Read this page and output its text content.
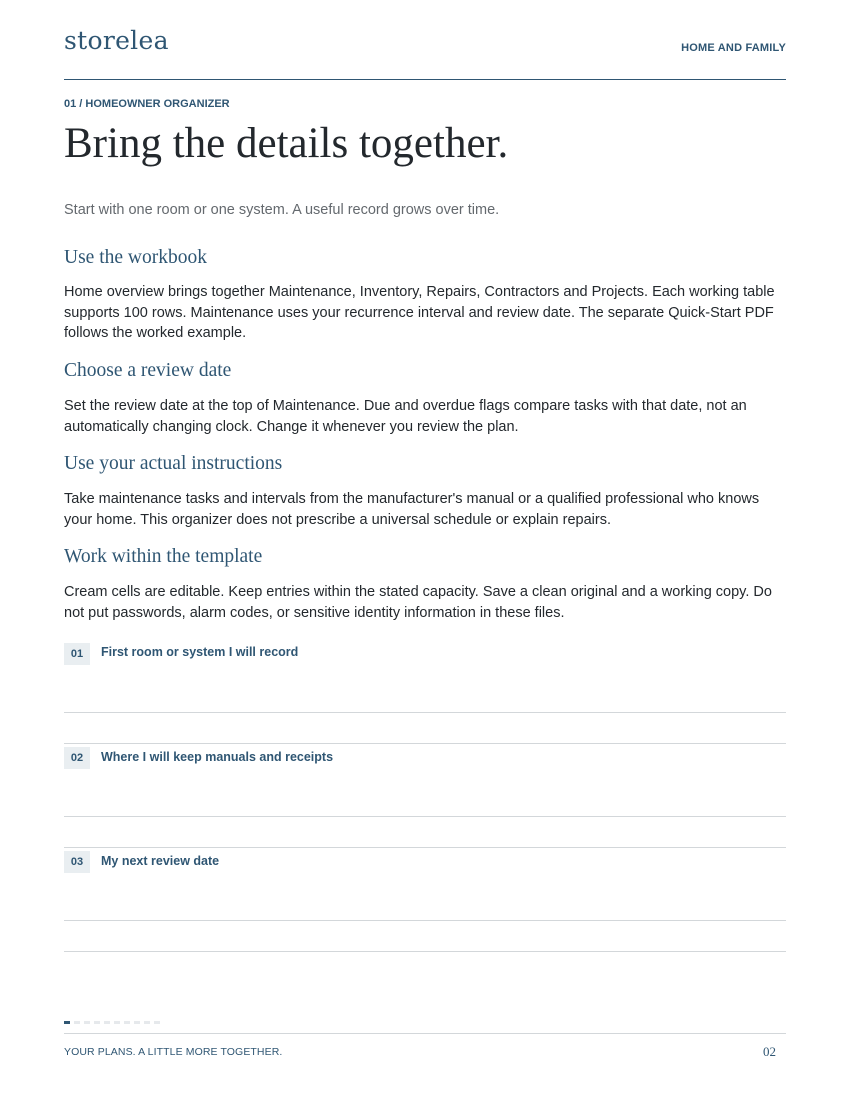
storelea	HOME AND FAMILY
01 / HOMEOWNER ORGANIZER
Bring the details together.
Start with one room or one system. A useful record grows over time.
Use the workbook

Home overview brings together Maintenance, Inventory, Repairs, Contractors and Projects. Each working table supports 100 rows. Maintenance uses your recurrence interval and review date. The separate Quick-Start PDF follows the worked example.

Choose a review date

Set the review date at the top of Maintenance. Due and overdue flags compare tasks with that date, not an automatically changing clock. Change it whenever you review the plan.

Use your actual instructions

Take maintenance tasks and intervals from the manufacturer's manual or a qualified professional who knows your home. This organizer does not prescribe a universal schedule or explain repairs.

Work within the template

Cream cells are editable. Keep entries within the stated capacity. Save a clean original and a working copy. Do not put passwords, alarm codes, or sensitive identity information in these files.

01	First room or system I will record
02	Where I will keep manuals and receipts
03	My next review date
YOUR PLANS. A LITTLE MORE TOGETHER.	02
